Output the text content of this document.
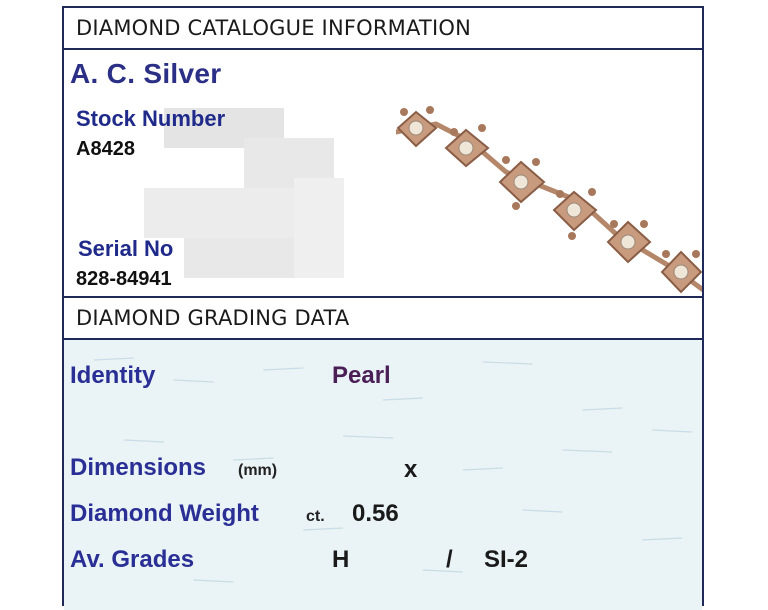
DIAMOND CATALOGUE INFORMATION
A. C. Silver
Stock Number
A8428
Serial No
828-84941
DIAMOND GRADING DATA
Identity	Pearl
Dimensions (mm)	x
Diamond Weight	ct. 0.56
Av. Grades	H	/ SI-2
